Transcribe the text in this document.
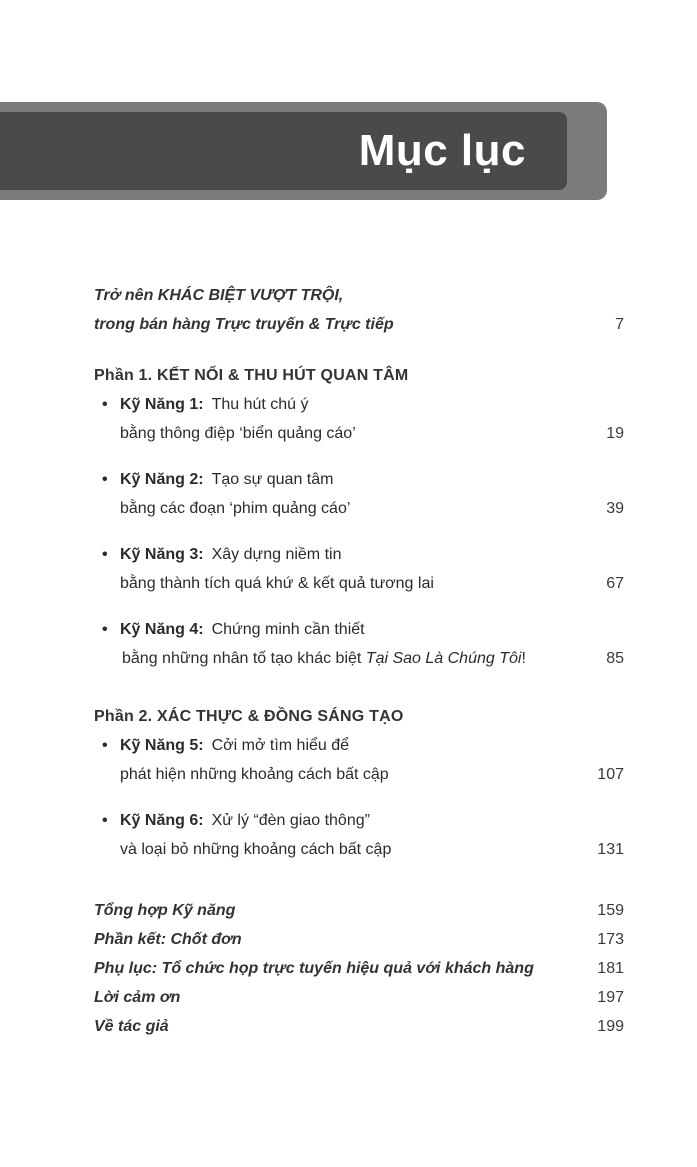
Mục lục
Trở nên KHÁC BIỆT VƯỢT TRỘI,
trong bán hàng Trực truyến & Trực tiếp	7
Phần 1. KẾT NỐI & THU HÚT QUAN TÂM
• Kỹ Năng 1: Thu hút chú ý
bằng thông điệp ‘biển quảng cáo’	19
• Kỹ Năng 2: Tạo sự quan tâm
bằng các đoạn ‘phim quảng cáo’	39
• Kỹ Năng 3: Xây dựng niềm tin
bằng thành tích quá khứ & kết quả tương lai	67
• Kỹ Năng 4: Chứng minh cần thiết
bằng những nhân tố tạo khác biệt Tại Sao Là Chúng Tôi!	85
Phần 2. XÁC THỰC & ĐỒNG SÁNG TẠO
• Kỹ Năng 5: Cởi mở tìm hiểu để
phát hiện những khoảng cách bất cập	107
• Kỹ Năng 6: Xử lý “đèn giao thông”
và loại bỏ những khoảng cách bất cập	131
Tổng hợp Kỹ năng	159
Phần kết: Chốt đơn	173
Phụ lục: Tổ chức họp trực tuyến hiệu quả với khách hàng	181
Lời cảm ơn	197
Về tác giả	199
